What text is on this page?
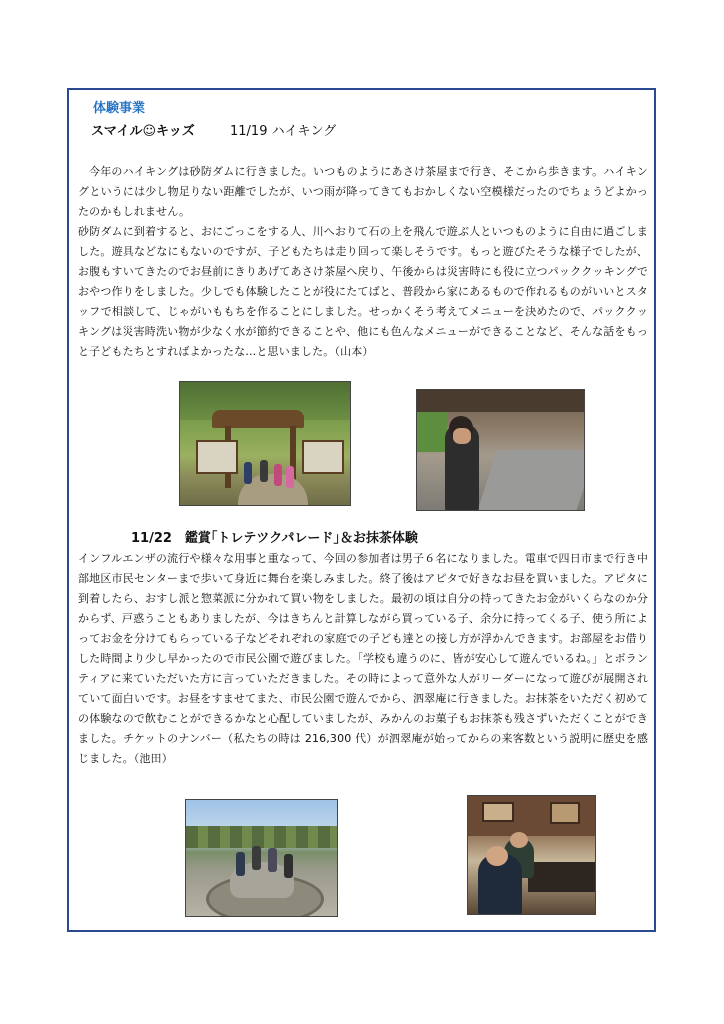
体験事業
スマイル☺キッズ	11/19 ハイキング

今年のハイキングは砂防ダムに行きました。いつものようにあさけ茶屋まで行き、そこから歩きます。ハイキングというには少し物足りない距離でしたが、いつ雨が降ってきてもおかしくない空模様だったのでちょうどよかったのかもしれません。

砂防ダムに到着すると、おにごっこをする人、川へおりて石の上を飛んで遊ぶ人といつものように自由に過ごしました。遊具などなにもないのですが、子どもたちは走り回って楽しそうです。もっと遊びたそうな様子でしたが、お腹もすいてきたのでお昼前にきりあげてあさけ茶屋へ戻り、午後からは災害時にも役に立つパッククッキングでおやつ作りをしました。少しでも体験したことが役にたてばと、普段から家にあるもので作れるものがいいとスタッフで相談して、じゃがいももちを作ることにしました。せっかくそう考えてメニューを決めたので、パッククッキングは災害時洗い物が少なく水が節約できることや、他にも色んなメニューができることなど、そんな話をもっと子どもたちとすればよかったな…と思いました。（山本）

11/22　鑑賞｢トレテツクパレード｣＆お抹茶体験

インフルエンザの流行や様々な用事と重なって、今回の参加者は男子６名になりました。電車で四日市まで行き中部地区市民センターまで歩いて身近に舞台を楽しみました。終了後はアピタで好きなお昼を買いました。アピタに到着したら、おすし派と惣菜派に分かれて買い物をしました。最初の頃は自分の持ってきたお金がいくらなのか分からず、戸惑うこともありましたが、今はきちんと計算しながら買っている子、余分に持ってくる子、使う所によってお金を分けてもらっている子などそれぞれの家庭での子ども達との接し方が浮かんできます。お部屋をお借りした時間より少し早かったので市民公園で遊びました。「学校も違うのに、皆が安心して遊んでいるね。」とボランティアに来ていただいた方に言っていただきました。その時によって意外な人がリーダーになって遊びが展開されていて面白いです。お昼をすませてまた、市民公園で遊んでから、泗翠庵に行きました。お抹茶をいただく初めての体験なので飲むことができるかなと心配していましたが、みかんのお菓子もお抹茶も残さずいただくことができました。チケットのナンバー（私たちの時は 216,300 代）が泗翠庵が始ってからの来客数という説明に歴史を感じました。（池田）
